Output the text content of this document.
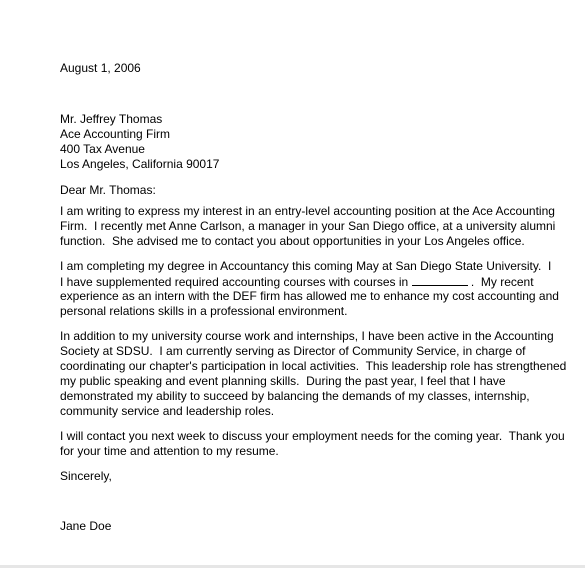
August 1, 2006

Mr. Jeffrey Thomas

Ace Accounting Firm

400 Tax Avenue

Los Angeles, California 90017

Dear Mr. Thomas:

I am writing to express my interest in an entry-level accounting position at the Ace Accounting

Firm.  I recently met Anne Carlson, a manager in your San Diego office, at a university alumni

function.  She advised me to contact you about opportunities in your Los Angeles office.

I am completing my degree in Accountancy this coming May at San Diego State University.  I

I have supplemented required accounting courses with courses in	.  My recent

experience as an intern with the DEF firm has allowed me to enhance my cost accounting and

personal relations skills in a professional environment.

In addition to my university course work and internships, I have been active in the Accounting

Society at SDSU.  I am currently serving as Director of Community Service, in charge of

coordinating our chapter's participation in local activities.  This leadership role has strengthened

my public speaking and event planning skills.  During the past year, I feel that I have

demonstrated my ability to succeed by balancing the demands of my classes, internship,

community service and leadership roles.

I will contact you next week to discuss your employment needs for the coming year.  Thank you

for your time and attention to my resume.

Sincerely,

Jane Doe
